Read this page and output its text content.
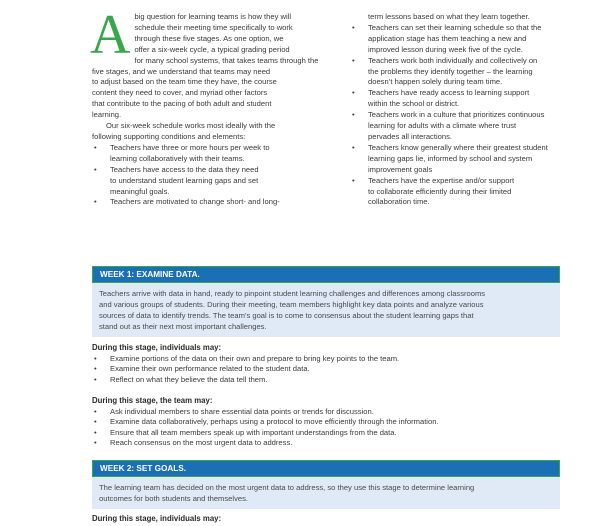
A big question for learning teams is how they will
schedule their meeting time specifically to work
through these five stages. As one option, we
offer a six-week cycle, a typical grading period
for many school systems, that takes teams through the
five stages, and we understand that teams may need
to adjust based on the team time they have, the course
content they need to cover, and myriad other factors
that contribute to the pacing of both adult and student
learning.

Our six-week schedule works most ideally with the
following supporting conditions and elements:

• Teachers have three or more hours per week to
learning collaboratively with their teams.
• Teachers have access to the data they need
to understand student learning gaps and set
meaningful goals.
• Teachers are motivated to change short- and long-
term lessons based on what they learn together.
• Teachers can set their learning schedule so that the
application stage has them teaching a new and
improved lesson during week five of the cycle.
• Teachers work both individually and collectively on
the problems they identify together – the learning
doesn’t happen solely during team time.
• Teachers have ready access to learning support
within the school or district.
• Teachers work in a culture that prioritizes continuous
learning for adults with a climate where trust
pervades all interactions.
• Teachers know generally where their greatest student
learning gaps lie, informed by school and system
improvement goals
• Teachers have the expertise and/or support
to collaborate efficiently during their limited
collaboration time.
WEEK 1: EXAMINE DATA.
Teachers arrive with data in hand, ready to pinpoint student learning challenges and differences among classrooms
and various groups of students. During their meeting, team members highlight key data points and analyze various
sources of data to identify trends. The team’s goal is to come to consensus about the student learning gaps that
stand out as their next most important challenges.

During this stage, individuals may:

• Examine portions of the data on their own and prepare to bring key points to the team.
• Examine their own performance related to the student data.
• Reflect on what they believe the data tell them.

During this stage, the team may:

• Ask individual members to share essential data points or trends for discussion.
• Examine data collaboratively, perhaps using a protocol to move efficiently through the information.
• Ensure that all team members speak up with important understandings from the data.
• Reach consensus on the most urgent data to address.
WEEK 2: SET GOALS.
The learning team has decided on the most urgent data to address, so they use this stage to determine learning
outcomes for both students and themselves.

During this stage, individuals may:
